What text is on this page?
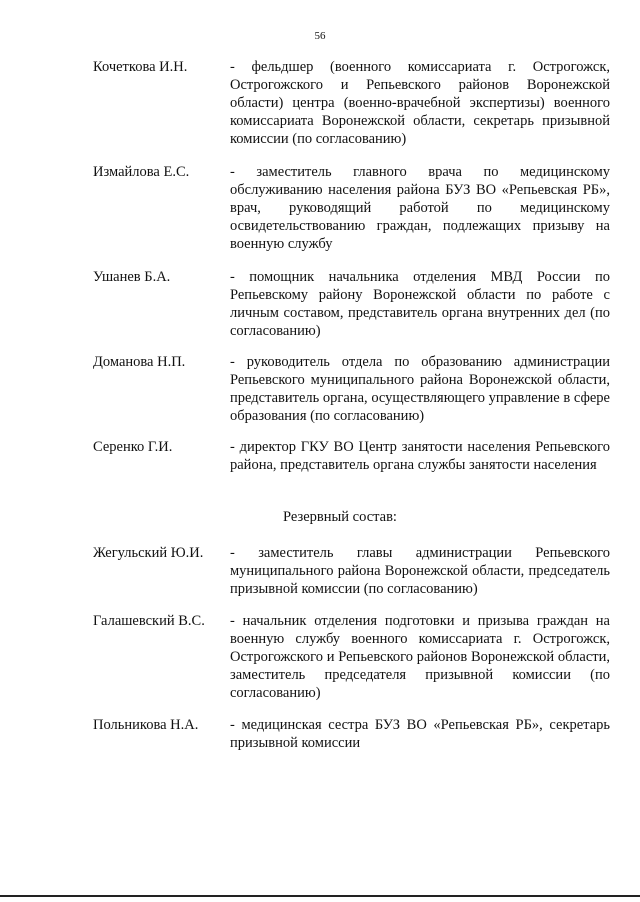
56
Кочеткова И.Н.	- фельдшер (военного комиссариата г. Острогожск, Острогожского и Репьевского районов Воронежской области) центра (военно-врачебной экспертизы) военного комиссариата Воронежской области, секретарь призывной комиссии (по согласованию)
Измайлова Е.С.	- заместитель главного врача по медицинскому обслуживанию населения района БУЗ ВО «Репьевская РБ», врач, руководящий работой по медицинскому освидетельствованию граждан, подлежащих призыву на военную службу
Ушанев Б.А.	- помощник начальника отделения МВД России по Репьевскому району Воронежской области по работе с личным составом, представитель органа внутренних дел (по согласованию)
Доманова Н.П.	- руководитель отдела по образованию администрации Репьевского муниципального района Воронежской области, представитель органа, осуществляющего управление в сфере образования (по согласованию)
Серенко Г.И.	- директор ГКУ ВО Центр занятости населения Репьевского района, представитель органа службы занятости населения
Резервный состав:
Жегульский Ю.И. - заместитель главы администрации Репьевского муниципального района Воронежской области, председатель призывной комиссии (по согласованию)
Галашевский В.С. - начальник отделения подготовки и призыва граждан на военную службу военного комиссариата г. Острогожск, Острогожского и Репьевского районов Воронежской области, заместитель председателя призывной комиссии (по согласованию)
Польникова Н.А. - медицинская сестра БУЗ ВО «Репьевская РБ», секретарь призывной комиссии
